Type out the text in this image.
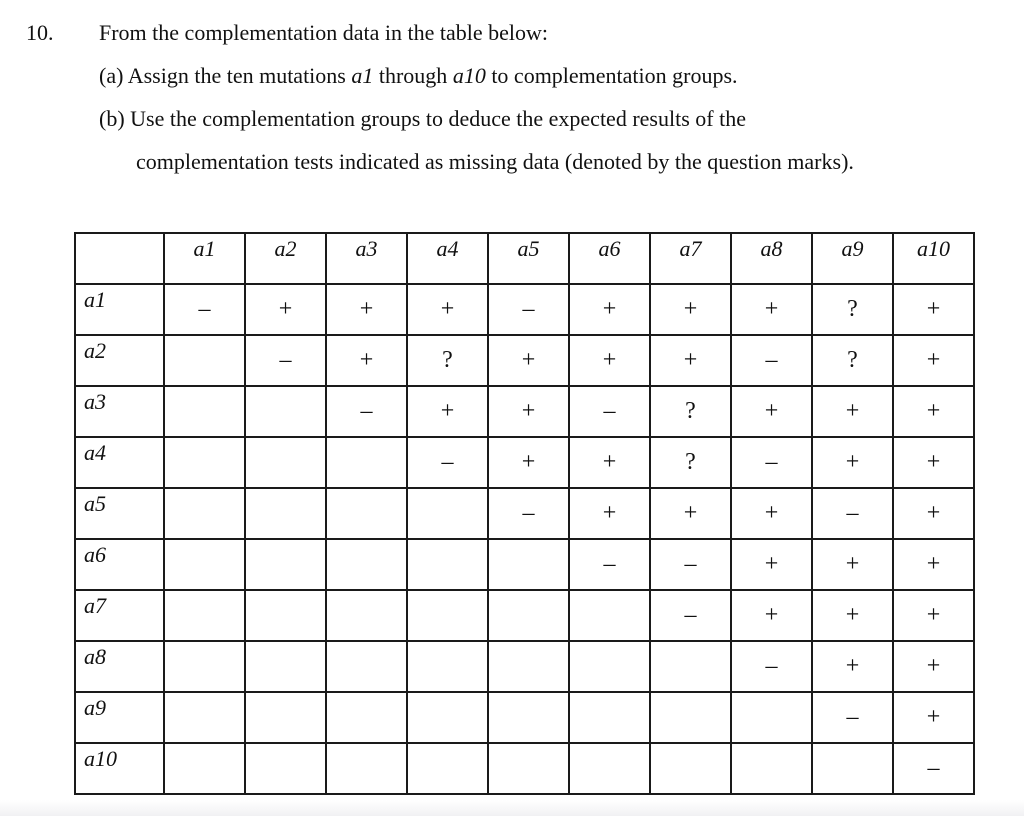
10. From the complementation data in the table below:
(a) Assign the ten mutations a1 through a10 to complementation groups.
(b) Use the complementation groups to deduce the expected results of the
complementation tests indicated as missing data (denoted by the question marks).
	a1	a2	a3	a4	a5	a6	a7	a8	a9	a10
a1	–	+	+	+	–	+	+	+	?	+
a2		–	+	?	+	+	+	–	?	+
a3			–	+	+	–	?	+	+	+
a4				–	+	+	?	–	+	+
a5					–	+	+	+	–	+
a6						–	–	+	+	+
a7							–	+	+	+
a8								–	+	+
a9									–	+
a10										–
